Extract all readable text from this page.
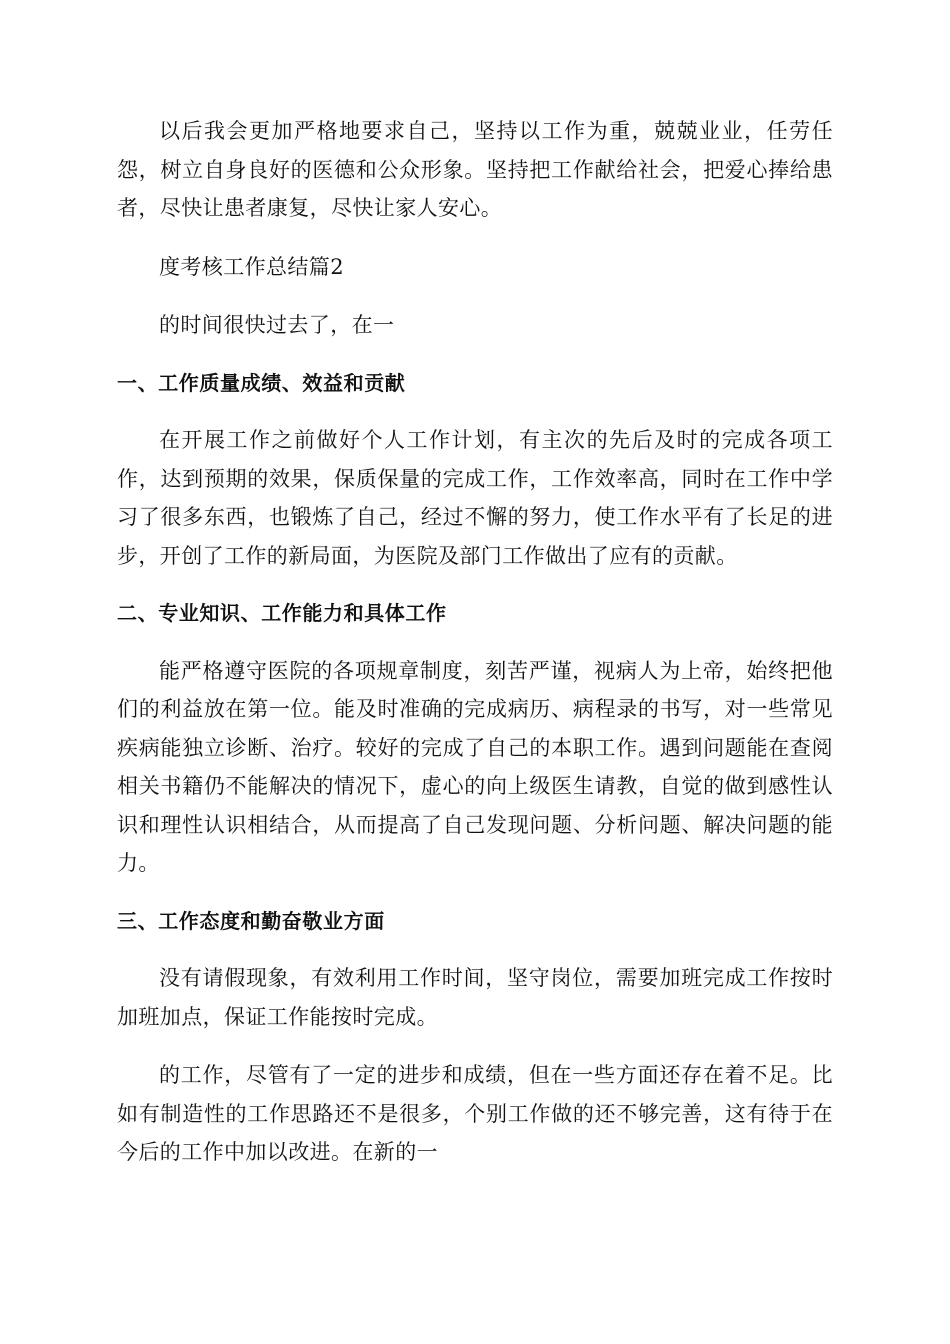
以后我会更加严格地要求自己，坚持以工作为重，兢兢业业，任劳任怨，树立自身良好的医德和公众形象。坚持把工作献给社会，把爱心捧给患者，尽快让患者康复，尽快让家人安心。

度考核工作总结篇2

的时间很快过去了，在一

一、工作质量成绩、效益和贡献

在开展工作之前做好个人工作计划，有主次的先后及时的完成各项工作，达到预期的效果，保质保量的完成工作，工作效率高，同时在工作中学习了很多东西，也锻炼了自己，经过不懈的努力，使工作水平有了长足的进步，开创了工作的新局面，为医院及部门工作做出了应有的贡献。

二、专业知识、工作能力和具体工作

能严格遵守医院的各项规章制度，刻苦严谨，视病人为上帝，始终把他们的利益放在第一位。能及时准确的完成病历、病程录的书写，对一些常见疾病能独立诊断、治疗。较好的完成了自己的本职工作。遇到问题能在查阅相关书籍仍不能解决的情况下，虚心的向上级医生请教，自觉的做到感性认识和理性认识相结合，从而提高了自己发现问题、分析问题、解决问题的能力。

三、工作态度和勤奋敬业方面

没有请假现象，有效利用工作时间，坚守岗位，需要加班完成工作按时加班加点，保证工作能按时完成。

的工作，尽管有了一定的进步和成绩，但在一些方面还存在着不足。比如有制造性的工作思路还不是很多，个别工作做的还不够完善，这有待于在今后的工作中加以改进。在新的一
